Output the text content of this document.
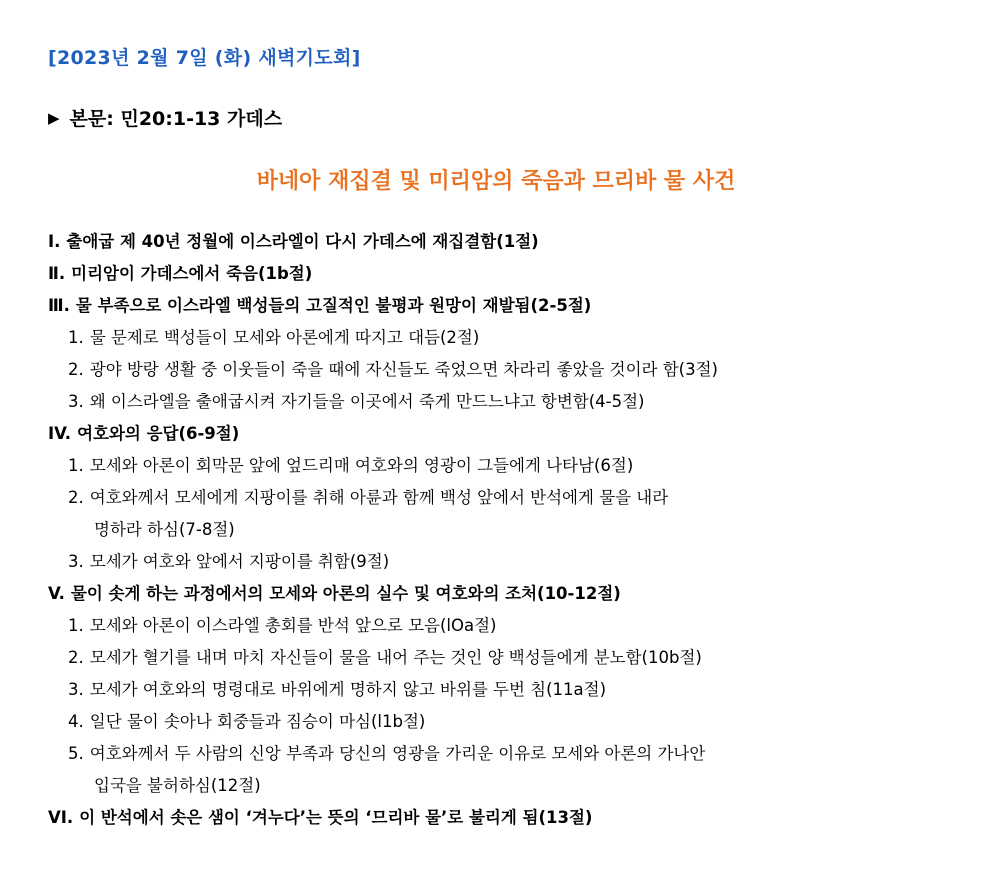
[2023년 2월 7일 (화) 새벽기도회]
▶ 본문: 민20:1-13 가데스
바네아 재집결 및 미리암의 죽음과 므리바 물 사건
Ⅰ. 출애굽 제 40년 정월에 이스라엘이 다시 가데스에 재집결함(1절)
Ⅱ. 미리암이 가데스에서 죽음(1b절)
Ⅲ. 물 부족으로 이스라엘 백성들의 고질적인 불평과 원망이 재발됨(2-5절)
1. 물 문제로 백성들이 모세와 아론에게 따지고 대듬(2절)
2. 광야 방랑 생활 중 이웃들이 죽을 때에 자신들도 죽었으면 차라리 좋았을 것이라 함(3절)
3. 왜 이스라엘을 출애굽시켜 자기들을 이곳에서 죽게 만드느냐고 항변함(4-5절)
IV. 여호와의 응답(6-9절)
1. 모세와 아론이 회막문 앞에 엎드리매 여호와의 영광이 그들에게 나타남(6절)
2. 여호와께서 모세에게 지팡이를 취해 아륜과 함께 백성 앞에서 반석에게 물을 내라
명하라 하심(7-8절)
3. 모세가 여호와 앞에서 지팡이를 취함(9절)
V. 물이 솟게 하는 과정에서의 모세와 아론의 실수 및 여호와의 조처(10-12절)
1. 모세와 아론이 이스라엘 총회를 반석 앞으로 모음(lOa절)
2. 모세가 혈기를 내며 마치 자신들이 물을 내어 주는 것인 양 백성들에게 분노함(10b절)
3. 모세가 여호와의 명령대로 바위에게 명하지 않고 바위를 두번 침(11a절)
4. 일단 물이 솟아나 회중들과 짐승이 마심(l1b절)
5. 여호와께서 두 사람의 신앙 부족과 당신의 영광을 가리운 이유로 모세와 아론의 가나안
입국을 불허하심(12절)
VI. 이 반석에서 솟은 샘이 ‘겨누다’는 뜻의 ‘므리바 물’로 불리게 됨(13절)
